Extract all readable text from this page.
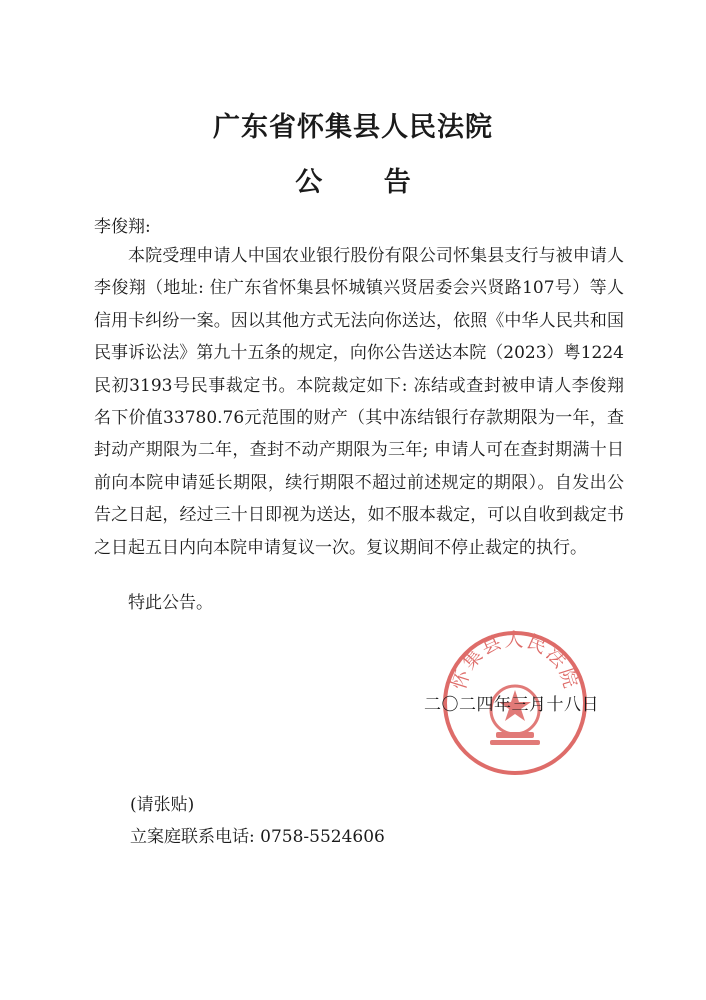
广东省怀集县人民法院
公 告
李俊翔:
本院受理申请人中国农业银行股份有限公司怀集县支行与被申请人李俊翔（地址: 住广东省怀集县怀城镇兴贤居委会兴贤路107号）等人信用卡纠纷一案。因以其他方式无法向你送达，依照《中华人民共和国民事诉讼法》第九十五条的规定，向你公告送达本院（2023）粤1224民初3193号民事裁定书。本院裁定如下: 冻结或查封被申请人李俊翔名下价值33780.76元范围的财产（其中冻结银行存款期限为一年，查封动产期限为二年，查封不动产期限为三年; 申请人可在查封期满十日前向本院申请延长期限，续行期限不超过前述规定的期限）。自发出公告之日起，经过三十日即视为送达，如不服本裁定，可以自收到裁定书之日起五日内向本院申请复议一次。复议期间不停止裁定的执行。
特此公告。
怀集县人民法院
二〇二四年三月十八日
(请张贴)
立案庭联系电话: 0758-5524606
